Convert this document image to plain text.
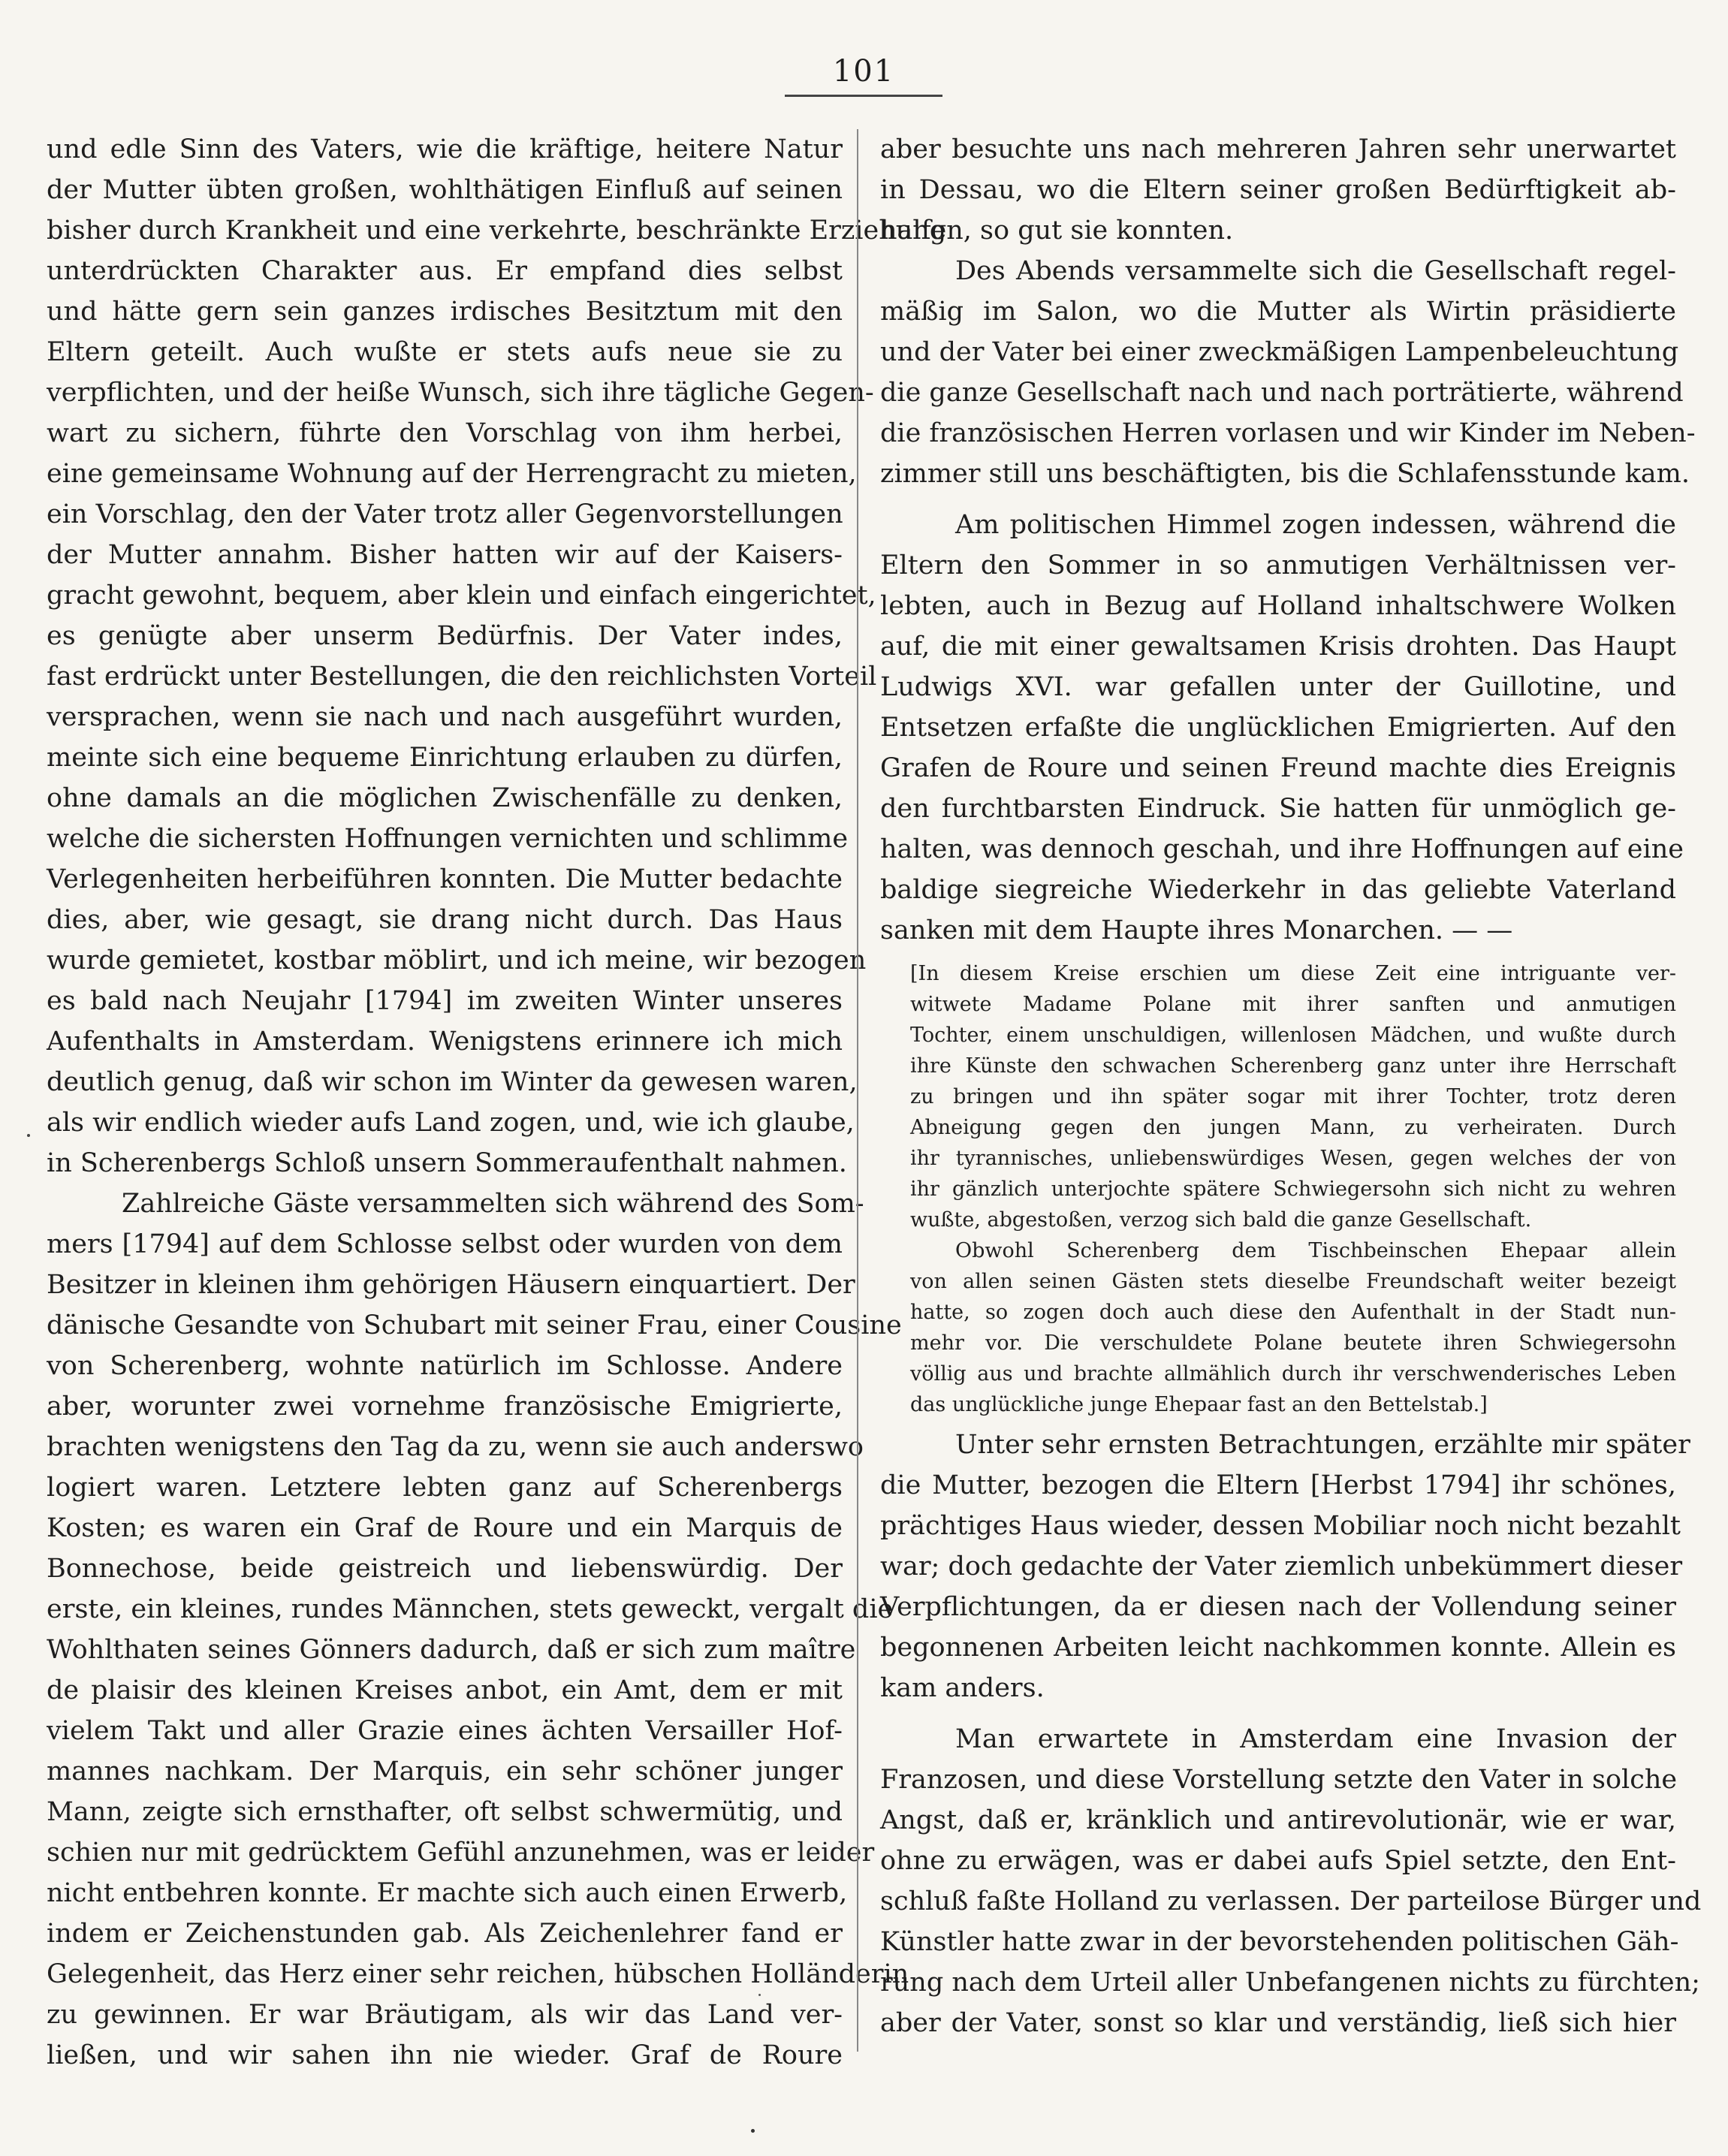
101
und edle Sinn des Vaters, wie die kräftige, heitere Natur
der Mutter übten großen, wohlthätigen Einfluß auf seinen
bisher durch Krankheit und eine verkehrte, beschränkte Erziehung
unterdrückten Charakter aus. Er empfand dies selbst
und hätte gern sein ganzes irdisches Besitztum mit den
Eltern geteilt. Auch wußte er stets aufs neue sie zu
verpflichten, und der heiße Wunsch, sich ihre tägliche Gegen-
wart zu sichern, führte den Vorschlag von ihm herbei,
eine gemeinsame Wohnung auf der Herrengracht zu mieten,
ein Vorschlag, den der Vater trotz aller Gegenvorstellungen
der Mutter annahm. Bisher hatten wir auf der Kaisers-
gracht gewohnt, bequem, aber klein und einfach eingerichtet,
es genügte aber unserm Bedürfnis. Der Vater indes,
fast erdrückt unter Bestellungen, die den reichlichsten Vorteil
versprachen, wenn sie nach und nach ausgeführt wurden,
meinte sich eine bequeme Einrichtung erlauben zu dürfen,
ohne damals an die möglichen Zwischenfälle zu denken,
welche die sichersten Hoffnungen vernichten und schlimme
Verlegenheiten herbeiführen konnten. Die Mutter bedachte
dies, aber, wie gesagt, sie drang nicht durch. Das Haus
wurde gemietet, kostbar möblirt, und ich meine, wir bezogen
es bald nach Neujahr [1794] im zweiten Winter unseres
Aufenthalts in Amsterdam. Wenigstens erinnere ich mich
deutlich genug, daß wir schon im Winter da gewesen waren,
als wir endlich wieder aufs Land zogen, und, wie ich glaube,
in Scherenbergs Schloß unsern Sommeraufenthalt nahmen.
Zahlreiche Gäste versammelten sich während des Som-
mers [1794] auf dem Schlosse selbst oder wurden von dem
Besitzer in kleinen ihm gehörigen Häusern einquartiert. Der
dänische Gesandte von Schubart mit seiner Frau, einer Cousine
von Scherenberg, wohnte natürlich im Schlosse. Andere
aber, worunter zwei vornehme französische Emigrierte,
brachten wenigstens den Tag da zu, wenn sie auch anderswo
logiert waren. Letztere lebten ganz auf Scherenbergs
Kosten; es waren ein Graf de Roure und ein Marquis de
Bonnechose, beide geistreich und liebenswürdig. Der
erste, ein kleines, rundes Männchen, stets geweckt, vergalt die
Wohlthaten seines Gönners dadurch, daß er sich zum maître
de plaisir des kleinen Kreises anbot, ein Amt, dem er mit
vielem Takt und aller Grazie eines ächten Versailler Hof-
mannes nachkam. Der Marquis, ein sehr schöner junger
Mann, zeigte sich ernsthafter, oft selbst schwermütig, und
schien nur mit gedrücktem Gefühl anzunehmen, was er leider
nicht entbehren konnte. Er machte sich auch einen Erwerb,
indem er Zeichenstunden gab. Als Zeichenlehrer fand er
Gelegenheit, das Herz einer sehr reichen, hübschen Holländerin
zu gewinnen. Er war Bräutigam, als wir das Land ver-
ließen, und wir sahen ihn nie wieder. Graf de Roure
aber besuchte uns nach mehreren Jahren sehr unerwartet
in Dessau, wo die Eltern seiner großen Bedürftigkeit ab-
halfen, so gut sie konnten.
Des Abends versammelte sich die Gesellschaft regel-
mäßig im Salon, wo die Mutter als Wirtin präsidierte
und der Vater bei einer zweckmäßigen Lampenbeleuchtung
die ganze Gesellschaft nach und nach porträtierte, während
die französischen Herren vorlasen und wir Kinder im Neben-
zimmer still uns beschäftigten, bis die Schlafensstunde kam.
Am politischen Himmel zogen indessen, während die
Eltern den Sommer in so anmutigen Verhältnissen ver-
lebten, auch in Bezug auf Holland inhaltschwere Wolken
auf, die mit einer gewaltsamen Krisis drohten. Das Haupt
Ludwigs XVI. war gefallen unter der Guillotine, und
Entsetzen erfaßte die unglücklichen Emigrierten. Auf den
Grafen de Roure und seinen Freund machte dies Ereignis
den furchtbarsten Eindruck. Sie hatten für unmöglich ge-
halten, was dennoch geschah, und ihre Hoffnungen auf eine
baldige siegreiche Wiederkehr in das geliebte Vaterland
sanken mit dem Haupte ihres Monarchen. — —
[In diesem Kreise erschien um diese Zeit eine intriguante ver-
witwete Madame Polane mit ihrer sanften und anmutigen
Tochter, einem unschuldigen, willenlosen Mädchen, und wußte durch
ihre Künste den schwachen Scherenberg ganz unter ihre Herrschaft
zu bringen und ihn später sogar mit ihrer Tochter, trotz deren
Abneigung gegen den jungen Mann, zu verheiraten. Durch
ihr tyrannisches, unliebenswürdiges Wesen, gegen welches der von
ihr gänzlich unterjochte spätere Schwiegersohn sich nicht zu wehren
wußte, abgestoßen, verzog sich bald die ganze Gesellschaft.
Obwohl Scherenberg dem Tischbeinschen Ehepaar allein
von allen seinen Gästen stets dieselbe Freundschaft weiter bezeigt
hatte, so zogen doch auch diese den Aufenthalt in der Stadt nun-
mehr vor. Die verschuldete Polane beutete ihren Schwiegersohn
völlig aus und brachte allmählich durch ihr verschwenderisches Leben
das unglückliche junge Ehepaar fast an den Bettelstab.]
Unter sehr ernsten Betrachtungen, erzählte mir später
die Mutter, bezogen die Eltern [Herbst 1794] ihr schönes,
prächtiges Haus wieder, dessen Mobiliar noch nicht bezahlt
war; doch gedachte der Vater ziemlich unbekümmert dieser
Verpflichtungen, da er diesen nach der Vollendung seiner
begonnenen Arbeiten leicht nachkommen konnte. Allein es
kam anders.
Man erwartete in Amsterdam eine Invasion der
Franzosen, und diese Vorstellung setzte den Vater in solche
Angst, daß er, kränklich und antirevolutionär, wie er war,
ohne zu erwägen, was er dabei aufs Spiel setzte, den Ent-
schluß faßte Holland zu verlassen. Der parteilose Bürger und
Künstler hatte zwar in der bevorstehenden politischen Gäh-
rung nach dem Urteil aller Unbefangenen nichts zu fürchten;
aber der Vater, sonst so klar und verständig, ließ sich hier
